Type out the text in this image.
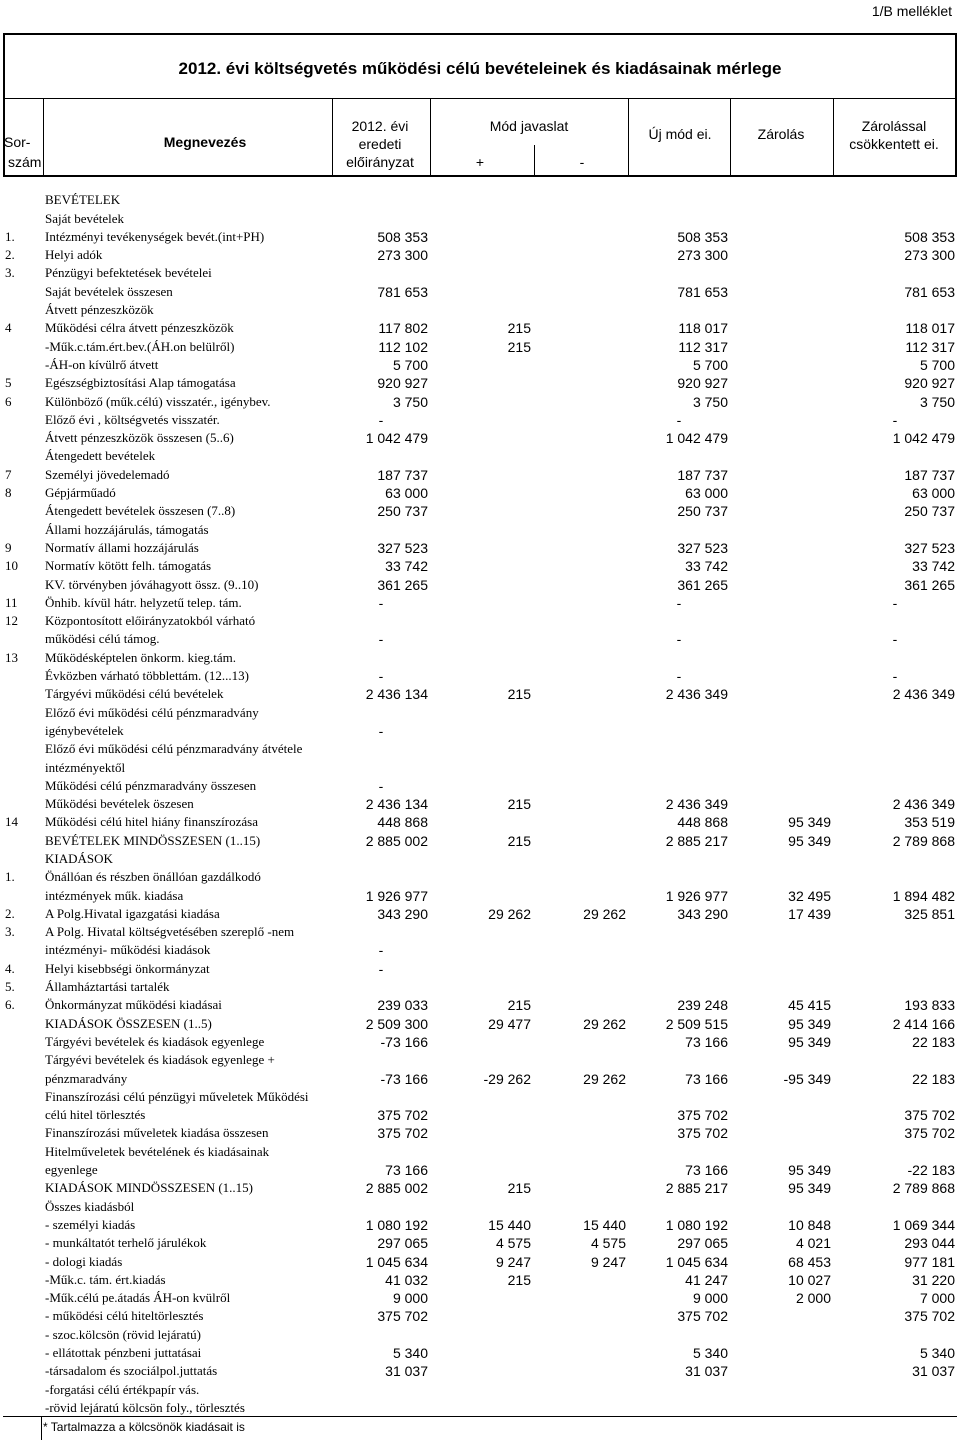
1/B melléklet
2012. évi költségvetés működési célú bevételeinek és kiadásainak mérlege
Sor-
szám
Megnevezés
2012. évi eredeti előirányzat
Mód javaslat
+	-
Új mód ei.	Zárolás	Zárolással csökkentett ei.
	BEVÉTELEK						
	Saját bevételek						
1.	Intézményi tevékenységek bevét.(int+PH)	508 353			508 353		508 353
2.	Helyi adók	273 300			273 300		273 300
3.	Pénzügyi befektetések bevételei						
	Saját bevételek összesen	781 653			781 653		781 653
	Átvett pénzeszközök						
4	Működési célra átvett pénzeszközök	117 802	215		118 017		118 017
	-Műk.c.tám.ért.bev.(ÁH.on belülről)	112 102	215		112 317		112 317
	-ÁH-on kívülrő átvett	5 700			5 700		5 700
5	Egészségbiztosítási Alap támogatása	920 927			920 927		920 927
6	Különböző (műk.célú) visszatér., igénybev.	3 750			3 750		3 750
	Előző évi , költségvetés visszatér.	-			-		-
	Átvett pénzeszközök összesen (5..6)	1 042 479			1 042 479		1 042 479
	Átengedett bevételek						
7	Személyi jövedelemadó	187 737			187 737		187 737
8	Gépjárműadó	63 000			63 000		63 000
	Átengedett bevételek összesen (7..8)	250 737			250 737		250 737
	Állami hozzájárulás, támogatás						
9	Normatív állami hozzájárulás	327 523			327 523		327 523
10	Normatív kötött felh. támogatás	33 742			33 742		33 742
	KV. törvényben jóváhagyott össz. (9..10)	361 265			361 265		361 265
11	Önhib. kívül hátr. helyzetű telep. tám.	-			-		-
12	Központosított előirányzatokból várható						
	működési célú támog.	-			-		-
13	Működésképtelen önkorm. kieg.tám.						
	Évközben várható többlettám. (12...13)	-			-		-
	Tárgyévi működési célú bevételek	2 436 134	215		2 436 349		2 436 349
	Előző évi működési célú pénzmaradvány						
	igénybevételek	-					
	Előző évi működési célú pénzmaradvány átvétele						
	intézményektől						
	Működési célú pénzmaradvány összesen	-					
	Működési bevételek öszesen	2 436 134	215		2 436 349		2 436 349
14	Működési célú hitel hiány finanszírozása	448 868			448 868	95 349	353 519
	BEVÉTELEK MINDÖSSZESEN (1..15)	2 885 002	215		2 885 217	95 349	2 789 868
	KIADÁSOK						
1.	Önállóan és részben önállóan gazdálkodó						
	intézmények műk. kiadása	1 926 977			1 926 977	32 495	1 894 482
2.	A Polg.Hivatal igazgatási kiadása	343 290	29 262	29 262	343 290	17 439	325 851
3.	A Polg. Hivatal költségvetésében szereplő -nem						
	intézményi- működési kiadások	-					
4.	Helyi kisebbségi önkormányzat	-					
5.	Államháztartási tartalék						
6.	Önkormányzat működési kiadásai	239 033	215		239 248	45 415	193 833
	KIADÁSOK ÖSSZESEN (1..5)	2 509 300	29 477	29 262	2 509 515	95 349	2 414 166
	Tárgyévi bevételek és kiadások egyenlege	-73 166			73 166	95 349	22 183
	Tárgyévi bevételek és kiadások egyenlege +						
	pénzmaradvány	-73 166	-29 262	29 262	73 166	-95 349	22 183
	Finanszírozási célú pénzügyi műveletek Működési						
	célú hitel törlesztés	375 702			375 702		375 702
	Finanszírozási műveletek kiadása összesen	375 702			375 702		375 702
	Hitelműveletek bevételének és kiadásainak						
	egyenlege	73 166			73 166	95 349	-22 183
	KIADÁSOK MINDÖSSZESEN (1..15)	2 885 002	215		2 885 217	95 349	2 789 868
	Összes kiadásból						
	- személyi kiadás	1 080 192	15 440	15 440	1 080 192	10 848	1 069 344
	- munkáltatót terhelő járulékok	297 065	4 575	4 575	297 065	4 021	293 044
	- dologi kiadás	1 045 634	9 247	9 247	1 045 634	68 453	977 181
	-Műk.c. tám. ért.kiadás	41 032	215		41 247	10 027	31 220
	-Műk.célú pe.átadás ÁH-on kvülről	9 000			9 000	2 000	7 000
	- működési célú hiteltörlesztés	375 702			375 702		375 702
	- szoc.kölcsön (rövid lejáratú)						
	- ellátottak pénzbeni juttatásai	5 340			5 340		5 340
	-társadalom és szociálpol.juttatás	31 037			31 037		31 037
	-forgatási célú értékpapír vás.						
	-rövid lejáratú kölcsön foly., törlesztés						
* Tartalmazza a kölcsönök kiadásait is
